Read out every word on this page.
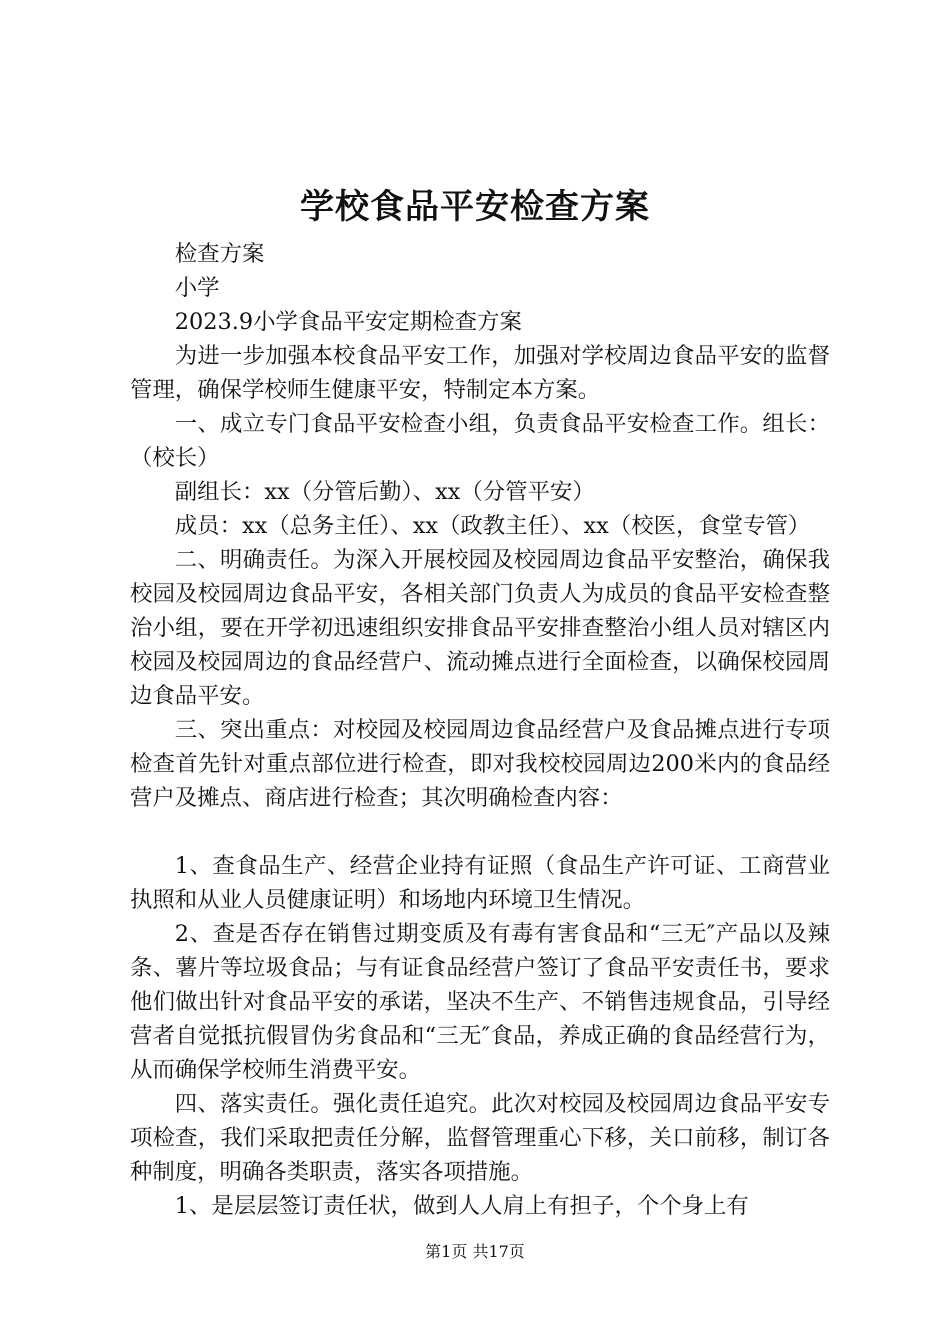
学校食品平安检查方案

检查方案

小学

2023.9小学食品平安定期检查方案

为进一步加强本校食品平安工作，加强对学校周边食品平安的监督管理，确保学校师生健康平安，特制定本方案。

一、成立专门食品平安检查小组，负责食品平安检查工作。组长：（校长）

副组长：xx（分管后勤）、xx（分管平安）

成员：xx（总务主任）、xx（政教主任）、xx（校医，食堂专管）

二、明确责任。为深入开展校园及校园周边食品平安整治，确保我校园及校园周边食品平安，各相关部门负责人为成员的食品平安检查整治小组，要在开学初迅速组织安排食品平安排查整治小组人员对辖区内校园及校园周边的食品经营户、流动摊点进行全面检查，以确保校园周边食品平安。

三、突出重点：对校园及校园周边食品经营户及食品摊点进行专项检查首先针对重点部位进行检查，即对我校校园周边200米内的食品经营户及摊点、商店进行检查；其次明确检查内容：

1、查食品生产、经营企业持有证照（食品生产许可证、工商营业执照和从业人员健康证明）和场地内环境卫生情况。

2、查是否存在销售过期变质及有毒有害食品和“三无″产品以及辣条、薯片等垃圾食品；与有证食品经营户签订了食品平安责任书，要求他们做出针对食品平安的承诺，坚决不生产、不销售违规食品，引导经营者自觉抵抗假冒伪劣食品和“三无″食品，养成正确的食品经营行为，从而确保学校师生消费平安。

四、落实责任。强化责任追究。此次对校园及校园周边食品平安专项检查，我们采取把责任分解，监督管理重心下移，关口前移，制订各种制度，明确各类职责，落实各项措施。

1、是层层签订责任状，做到人人肩上有担子，个个身上有

第1页 共17页
